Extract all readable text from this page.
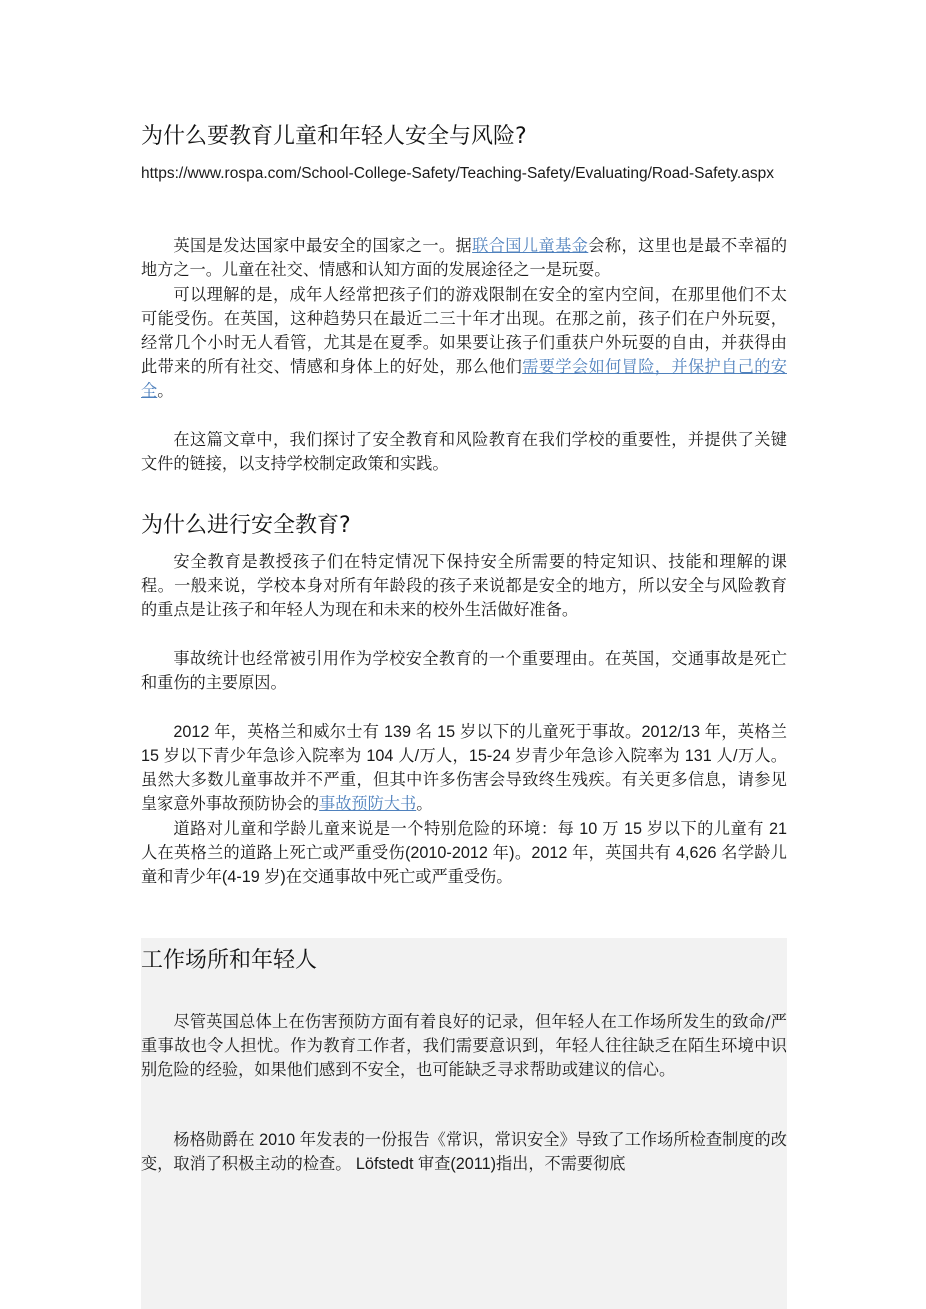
为什么要教育儿童和年轻人安全与风险?
https://www.rospa.com/School-College-Safety/Teaching-Safety/Evaluating/Road-Safety.aspx

英国是发达国家中最安全的国家之一。据联合国儿童基金会称，这里也是最不幸福的地方之一。儿童在社交、情感和认知方面的发展途径之一是玩耍。

可以理解的是，成年人经常把孩子们的游戏限制在安全的室内空间，在那里他们不太可能受伤。在英国，这种趋势只在最近二三十年才出现。在那之前，孩子们在户外玩耍，经常几个小时无人看管，尤其是在夏季。如果要让孩子们重获户外玩耍的自由，并获得由此带来的所有社交、情感和身体上的好处，那么他们需要学会如何冒险，并保护自己的安全。

在这篇文章中，我们探讨了安全教育和风险教育在我们学校的重要性，并提供了关键文件的链接，以支持学校制定政策和实践。

为什么进行安全教育?

安全教育是教授孩子们在特定情况下保持安全所需要的特定知识、技能和理解的课程。一般来说，学校本身对所有年龄段的孩子来说都是安全的地方，所以安全与风险教育的重点是让孩子和年轻人为现在和未来的校外生活做好准备。

事故统计也经常被引用作为学校安全教育的一个重要理由。在英国，交通事故是死亡和重伤的主要原因。

2012 年，英格兰和威尔士有 139 名 15 岁以下的儿童死于事故。2012/13 年，英格兰 15 岁以下青少年急诊入院率为 104 人/万人，15-24 岁青少年急诊入院率为 131 人/万人。虽然大多数儿童事故并不严重，但其中许多伤害会导致终生残疾。有关更多信息，请参见皇家意外事故预防协会的事故预防大书。

道路对儿童和学龄儿童来说是一个特别危险的环境：每 10 万 15 岁以下的儿童有 21 人在英格兰的道路上死亡或严重受伤(2010-2012 年)。2012 年，英国共有 4,626 名学龄儿童和青少年(4-19 岁)在交通事故中死亡或严重受伤。

工作场所和年轻人

尽管英国总体上在伤害预防方面有着良好的记录，但年轻人在工作场所发生的致命/严重事故也令人担忧。作为教育工作者，我们需要意识到，年轻人往往缺乏在陌生环境中识别危险的经验，如果他们感到不安全，也可能缺乏寻求帮助或建议的信心。

杨格勋爵在 2010 年发表的一份报告《常识，常识安全》导致了工作场所检查制度的改变，取消了积极主动的检查。 Löfstedt 审查(2011)指出，不需要彻底
